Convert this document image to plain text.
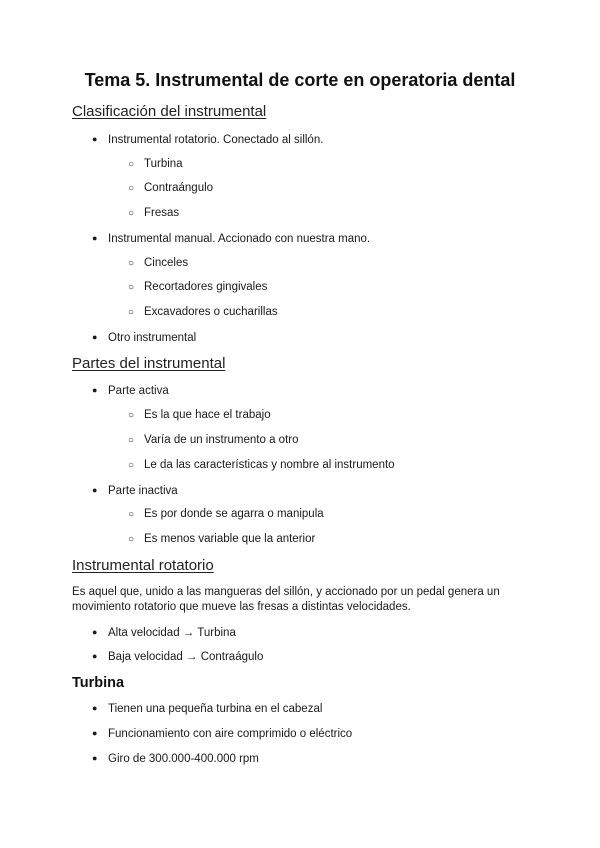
Tema 5. Instrumental de corte en operatoria dental
Clasificación del instrumental
● Instrumental rotatorio. Conectado al sillón.
○ Turbina
○ Contraángulo
○ Fresas
● Instrumental manual. Accionado con nuestra mano.
○ Cinceles
○ Recortadores gingivales
○ Excavadores o cucharillas
● Otro instrumental
Partes del instrumental
● Parte activa
○ Es la que hace el trabajo
○ Varía de un instrumento a otro
○ Le da las características y nombre al instrumento
● Parte inactiva
○ Es por donde se agarra o manipula
○ Es menos variable que la anterior
Instrumental rotatorio

Es aquel que, unido a las mangueras del sillón, y accionado por un pedal genera un movimiento rotatorio que mueve las fresas a distintas velocidades.

● Alta velocidad → Turbina
● Baja velocidad → Contraágulo
Turbina
● Tienen una pequeña turbina en el cabezal
● Funcionamiento con aire comprimido o eléctrico
● Giro de 300.000-400.000 rpm
